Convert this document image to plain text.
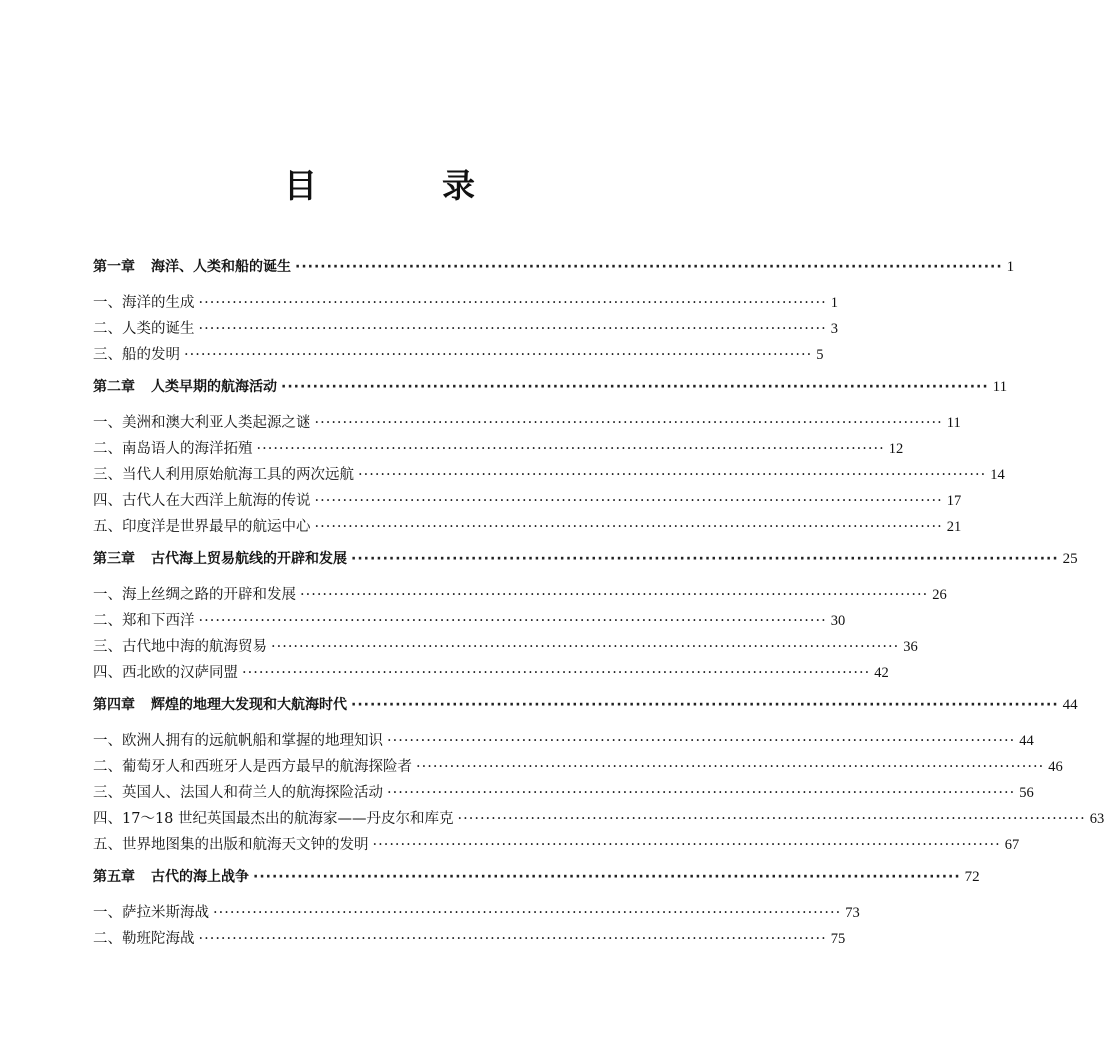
目　录
第一章 海洋、人类和船的诞生 ················································································································ 1
一、海洋的生成 ················································································································ 1
二、人类的诞生 ················································································································ 3
三、船的发明 ················································································································ 5
第二章 人类早期的航海活动 ················································································································ 11
一、美洲和澳大利亚人类起源之谜 ················································································································ 11
二、南岛语人的海洋拓殖 ················································································································ 12
三、当代人利用原始航海工具的两次远航 ················································································································ 14
四、古代人在大西洋上航海的传说 ················································································································ 17
五、印度洋是世界最早的航运中心 ················································································································ 21
第三章 古代海上贸易航线的开辟和发展 ················································································································ 25
一、海上丝绸之路的开辟和发展 ················································································································ 26
二、郑和下西洋 ················································································································ 30
三、古代地中海的航海贸易 ················································································································ 36
四、西北欧的汉萨同盟 ················································································································ 42
第四章 辉煌的地理大发现和大航海时代 ················································································································ 44
一、欧洲人拥有的远航帆船和掌握的地理知识 ················································································································ 44
二、葡萄牙人和西班牙人是西方最早的航海探险者 ················································································································ 46
三、英国人、法国人和荷兰人的航海探险活动 ················································································································ 56
四、17～18 世纪英国最杰出的航海家——丹皮尔和库克 ················································································································ 63
五、世界地图集的出版和航海天文钟的发明 ················································································································ 67
第五章 古代的海上战争 ················································································································ 72
一、萨拉米斯海战 ················································································································ 73
二、勒班陀海战 ················································································································ 75
